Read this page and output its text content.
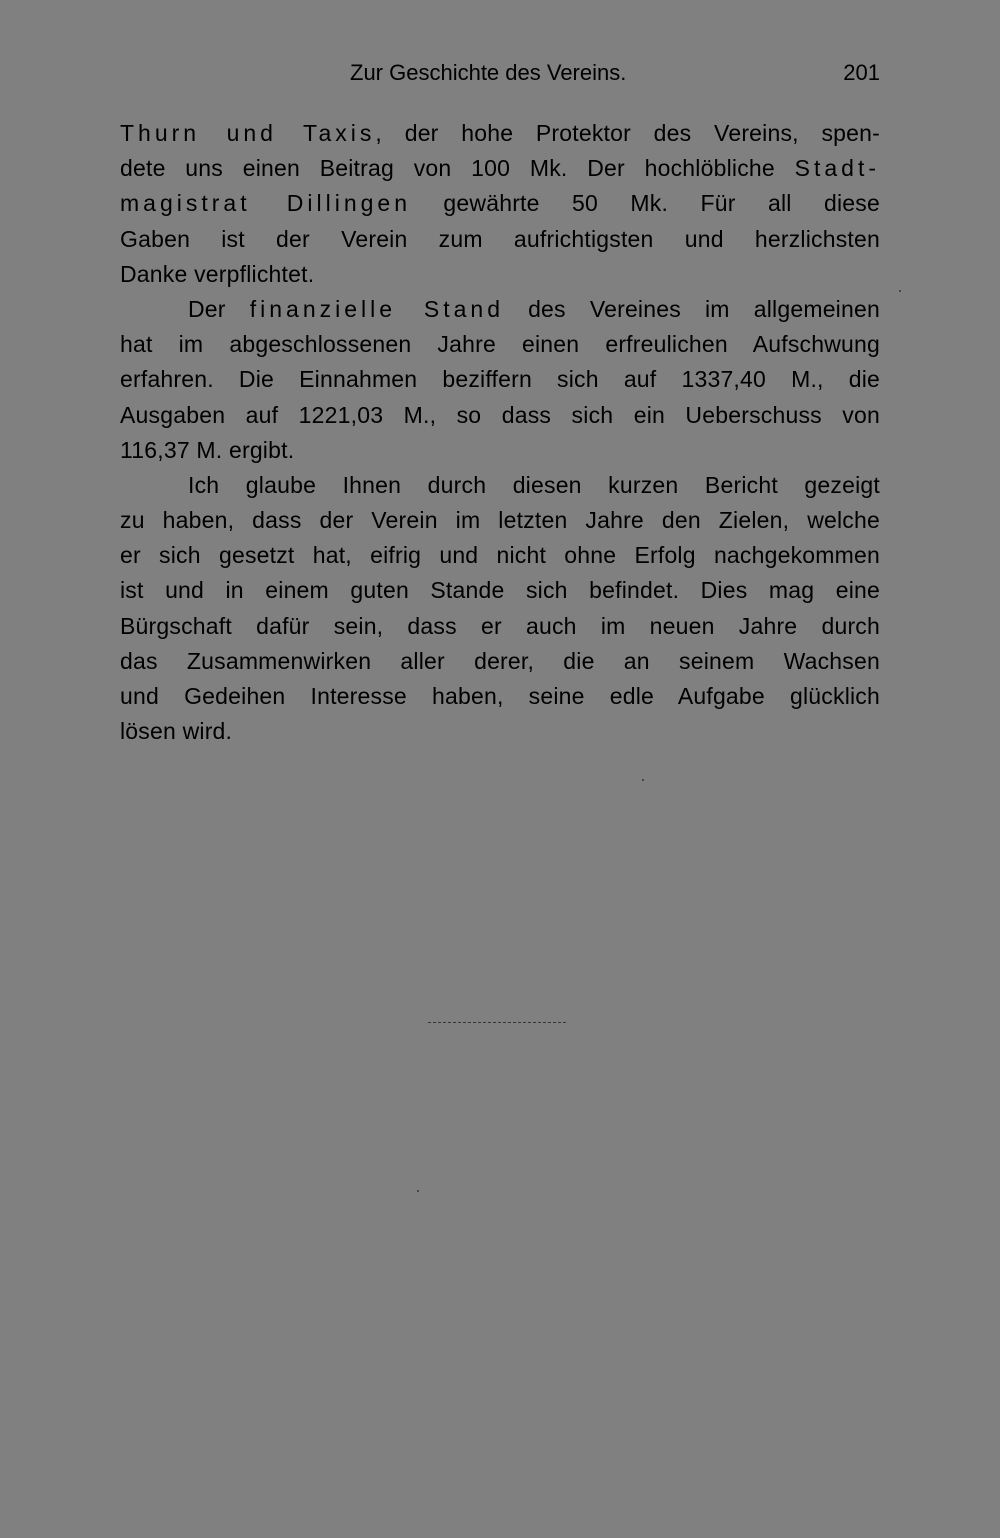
Zur Geschichte des Vereins.	201
Thurn und Taxis, der hohe Protektor des Vereins, spen-
dete uns einen Beitrag von 100 Mk. Der hochlöbliche Stadt-
magistrat Dillingen gewährte 50 Mk. Für all diese
Gaben ist der Verein zum aufrichtigsten und herzlichsten
Danke verpflichtet.
Der finanzielle Stand des Vereines im allgemeinen
hat im abgeschlossenen Jahre einen erfreulichen Aufschwung
erfahren. Die Einnahmen beziffern sich auf 1337,40 M., die
Ausgaben auf 1221,03 M., so dass sich ein Ueberschuss von
116,37 M. ergibt.
Ich glaube Ihnen durch diesen kurzen Bericht gezeigt
zu haben, dass der Verein im letzten Jahre den Zielen, welche
er sich gesetzt hat, eifrig und nicht ohne Erfolg nachgekommen
ist und in einem guten Stande sich befindet. Dies mag eine
Bürgschaft dafür sein, dass er auch im neuen Jahre durch
das Zusammenwirken aller derer, die an seinem Wachsen
und Gedeihen Interesse haben, seine edle Aufgabe glücklich
lösen wird.
